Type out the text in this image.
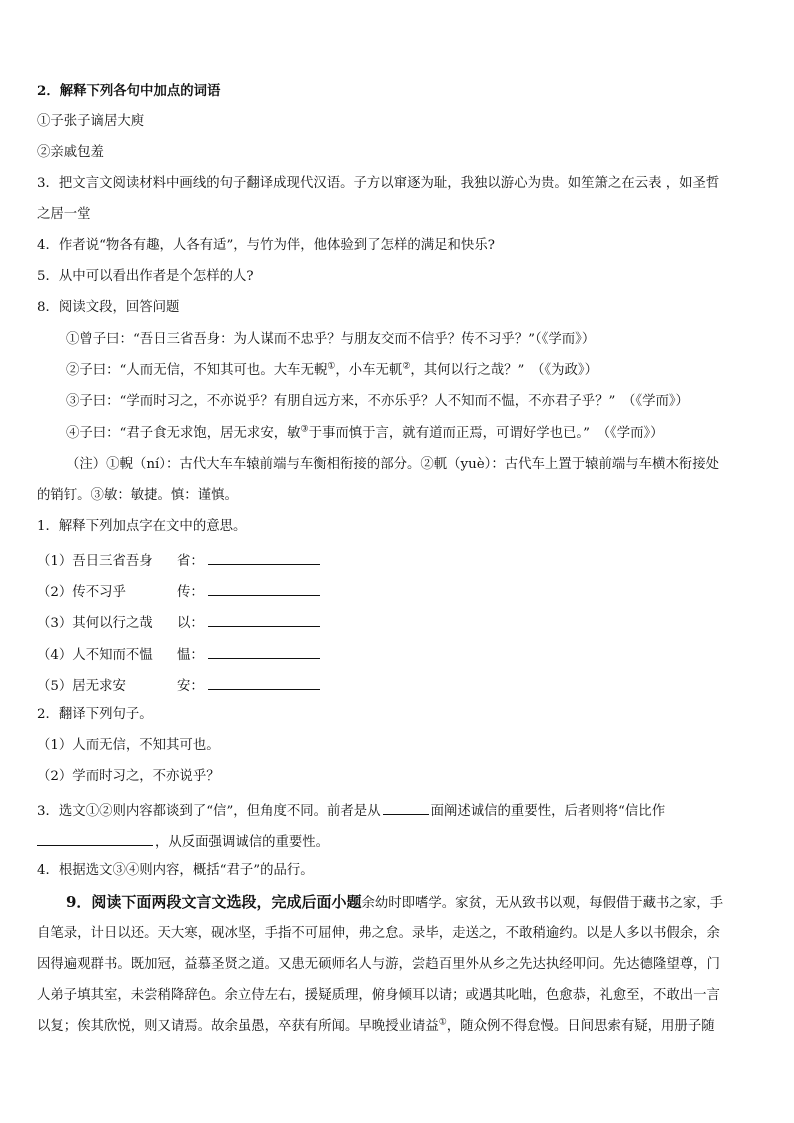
2．解释下列各句中加点的词语
①子张子谪居大庾
②亲戚包羞
3．把文言文阅读材料中画线的句子翻译成现代汉语。子方以窜逐为耻，我独以游心为贵。如笙箫之在云表 ，如圣哲
之居一堂
4．作者说“物各有趣，人各有适”，与竹为伴，他体验到了怎样的满足和快乐?
5．从中可以看出作者是个怎样的人?
8．阅读文段，回答问题
①曾子曰：“吾日三省吾身：为人谋而不忠乎？与朋友交而不信乎？传不习乎？”（《学而》）
②子曰：“人而无信，不知其可也。大车无輗①，小车无軏②，其何以行之哉？”　（《为政》）
③子曰：“学而时习之，不亦说乎？有朋自远方来，不亦乐乎？人不知而不愠，不亦君子乎？”　（《学而》）
④子曰：“君子食无求饱，居无求安，敏③于事而慎于言，就有道而正焉，可谓好学也已。”　（《学而》）
（注）①輗（ní）：古代大车车辕前端与车衡相衔接的部分。②軏（yuè）：古代车上置于辕前端与车横木衔接处
的销钉。③敏：敏捷。慎：谨慎。
1．解释下列加点字在文中的意思。
（1）吾日三省吾身 省：
（2）传不习乎	传：
（3）其何以行之哉 以：
（4）人不知而不愠 愠：
（5）居无求安	安：
2．翻译下列句子。
（1）人而无信，不知其可也。
（2）学而时习之，不亦说乎？
3．选文①②则内容都谈到了“信”，但角度不同。前者是从	面阐述诚信的重要性，后者则将“信比作
，从反面强调诚信的重要性。
4．根据选文③④则内容，概括“君子”的品行。
9．阅读下面两段文言文选段，完成后面小题余幼时即嗜学。家贫，无从致书以观，每假借于藏书之家，手
自笔录，计日以还。天大寒，砚冰坚，手指不可屈伸，弗之怠。录毕，走送之，不敢稍逾约。以是人多以书假余，余
因得遍观群书。既加冠，益慕圣贤之道。又患无硕师名人与游，尝趋百里外从乡之先达执经叩问。先达德隆望尊，门
人弟子填其室，未尝稍降辞色。余立侍左右，援疑质理，俯身倾耳以请；或遇其叱咄，色愈恭，礼愈至，不敢出一言
以复；俟其欣悦，则又请焉。故余虽愚，卒获有所闻。早晚授业请益①，随众例不得怠慢。日间思索有疑，用册子随
